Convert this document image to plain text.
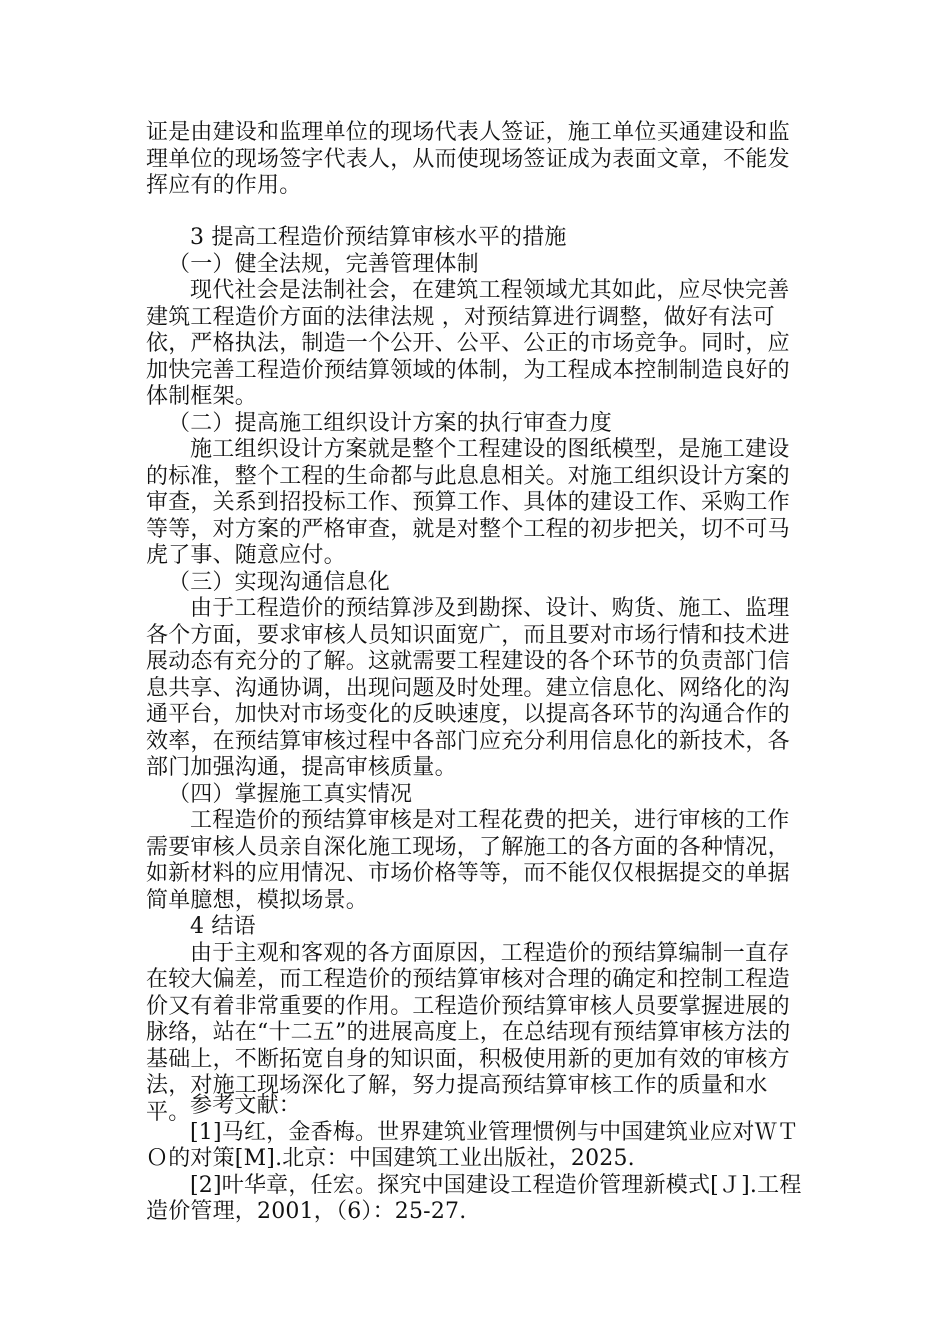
证是由建设和监理单位的现场代表人签证，施工单位买通建设和监理单位的现场签字代表人，从而使现场签证成为表面文章，不能发挥应有的作用。

3 提高工程造价预结算审核水平的措施

（一）健全法规，完善管理体制

现代社会是法制社会，在建筑工程领域尤其如此，应尽快完善建筑工程造价方面的法律法规 ，对预结算进行调整，做好有法可依，严格执法，制造一个公开、公平、公正的市场竞争。同时，应加快完善工程造价预结算领域的体制，为工程成本控制制造良好的体制框架。

（二）提高施工组织设计方案的执行审查力度

施工组织设计方案就是整个工程建设的图纸模型，是施工建设的标准，整个工程的生命都与此息息相关。对施工组织设计方案的审查，关系到招投标工作、预算工作、具体的建设工作、采购工作等等，对方案的严格审查，就是对整个工程的初步把关，切不可马虎了事、随意应付。

（三）实现沟通信息化

由于工程造价的预结算涉及到勘探、设计、购货、施工、监理各个方面，要求审核人员知识面宽广，而且要对市场行情和技术进展动态有充分的了解。这就需要工程建设的各个环节的负责部门信息共享、沟通协调，出现问题及时处理。建立信息化、网络化的沟通平台，加快对市场变化的反映速度，以提高各环节的沟通合作的效率，在预结算审核过程中各部门应充分利用信息化的新技术，各部门加强沟通，提高审核质量。

（四）掌握施工真实情况

工程造价的预结算审核是对工程花费的把关，进行审核的工作需要审核人员亲自深化施工现场，了解施工的各方面的各种情况，如新材料的应用情况、市场价格等等，而不能仅仅根据提交的单据简单臆想，模拟场景。

4 结语

由于主观和客观的各方面原因，工程造价的预结算编制一直存在较大偏差，而工程造价的预结算审核对合理的确定和控制工程造价又有着非常重要的作用。工程造价预结算审核人员要掌握进展的脉络，站在“十二五”的进展高度上，在总结现有预结算审核方法的基础上，不断拓宽自身的知识面，积极使用新的更加有效的审核方法，对施工现场深化了解，努力提高预结算审核工作的质量和水平。 参考文献：

[1]马红，金香梅。世界建筑业管理惯例与中国建筑业应对ＷＴＯ的对策[M].北京：中国建筑工业出版社，2025.

[2]叶华章，任宏。探究中国建设工程造价管理新模式[Ｊ].工程造价管理，2001，（6）：25-27.
